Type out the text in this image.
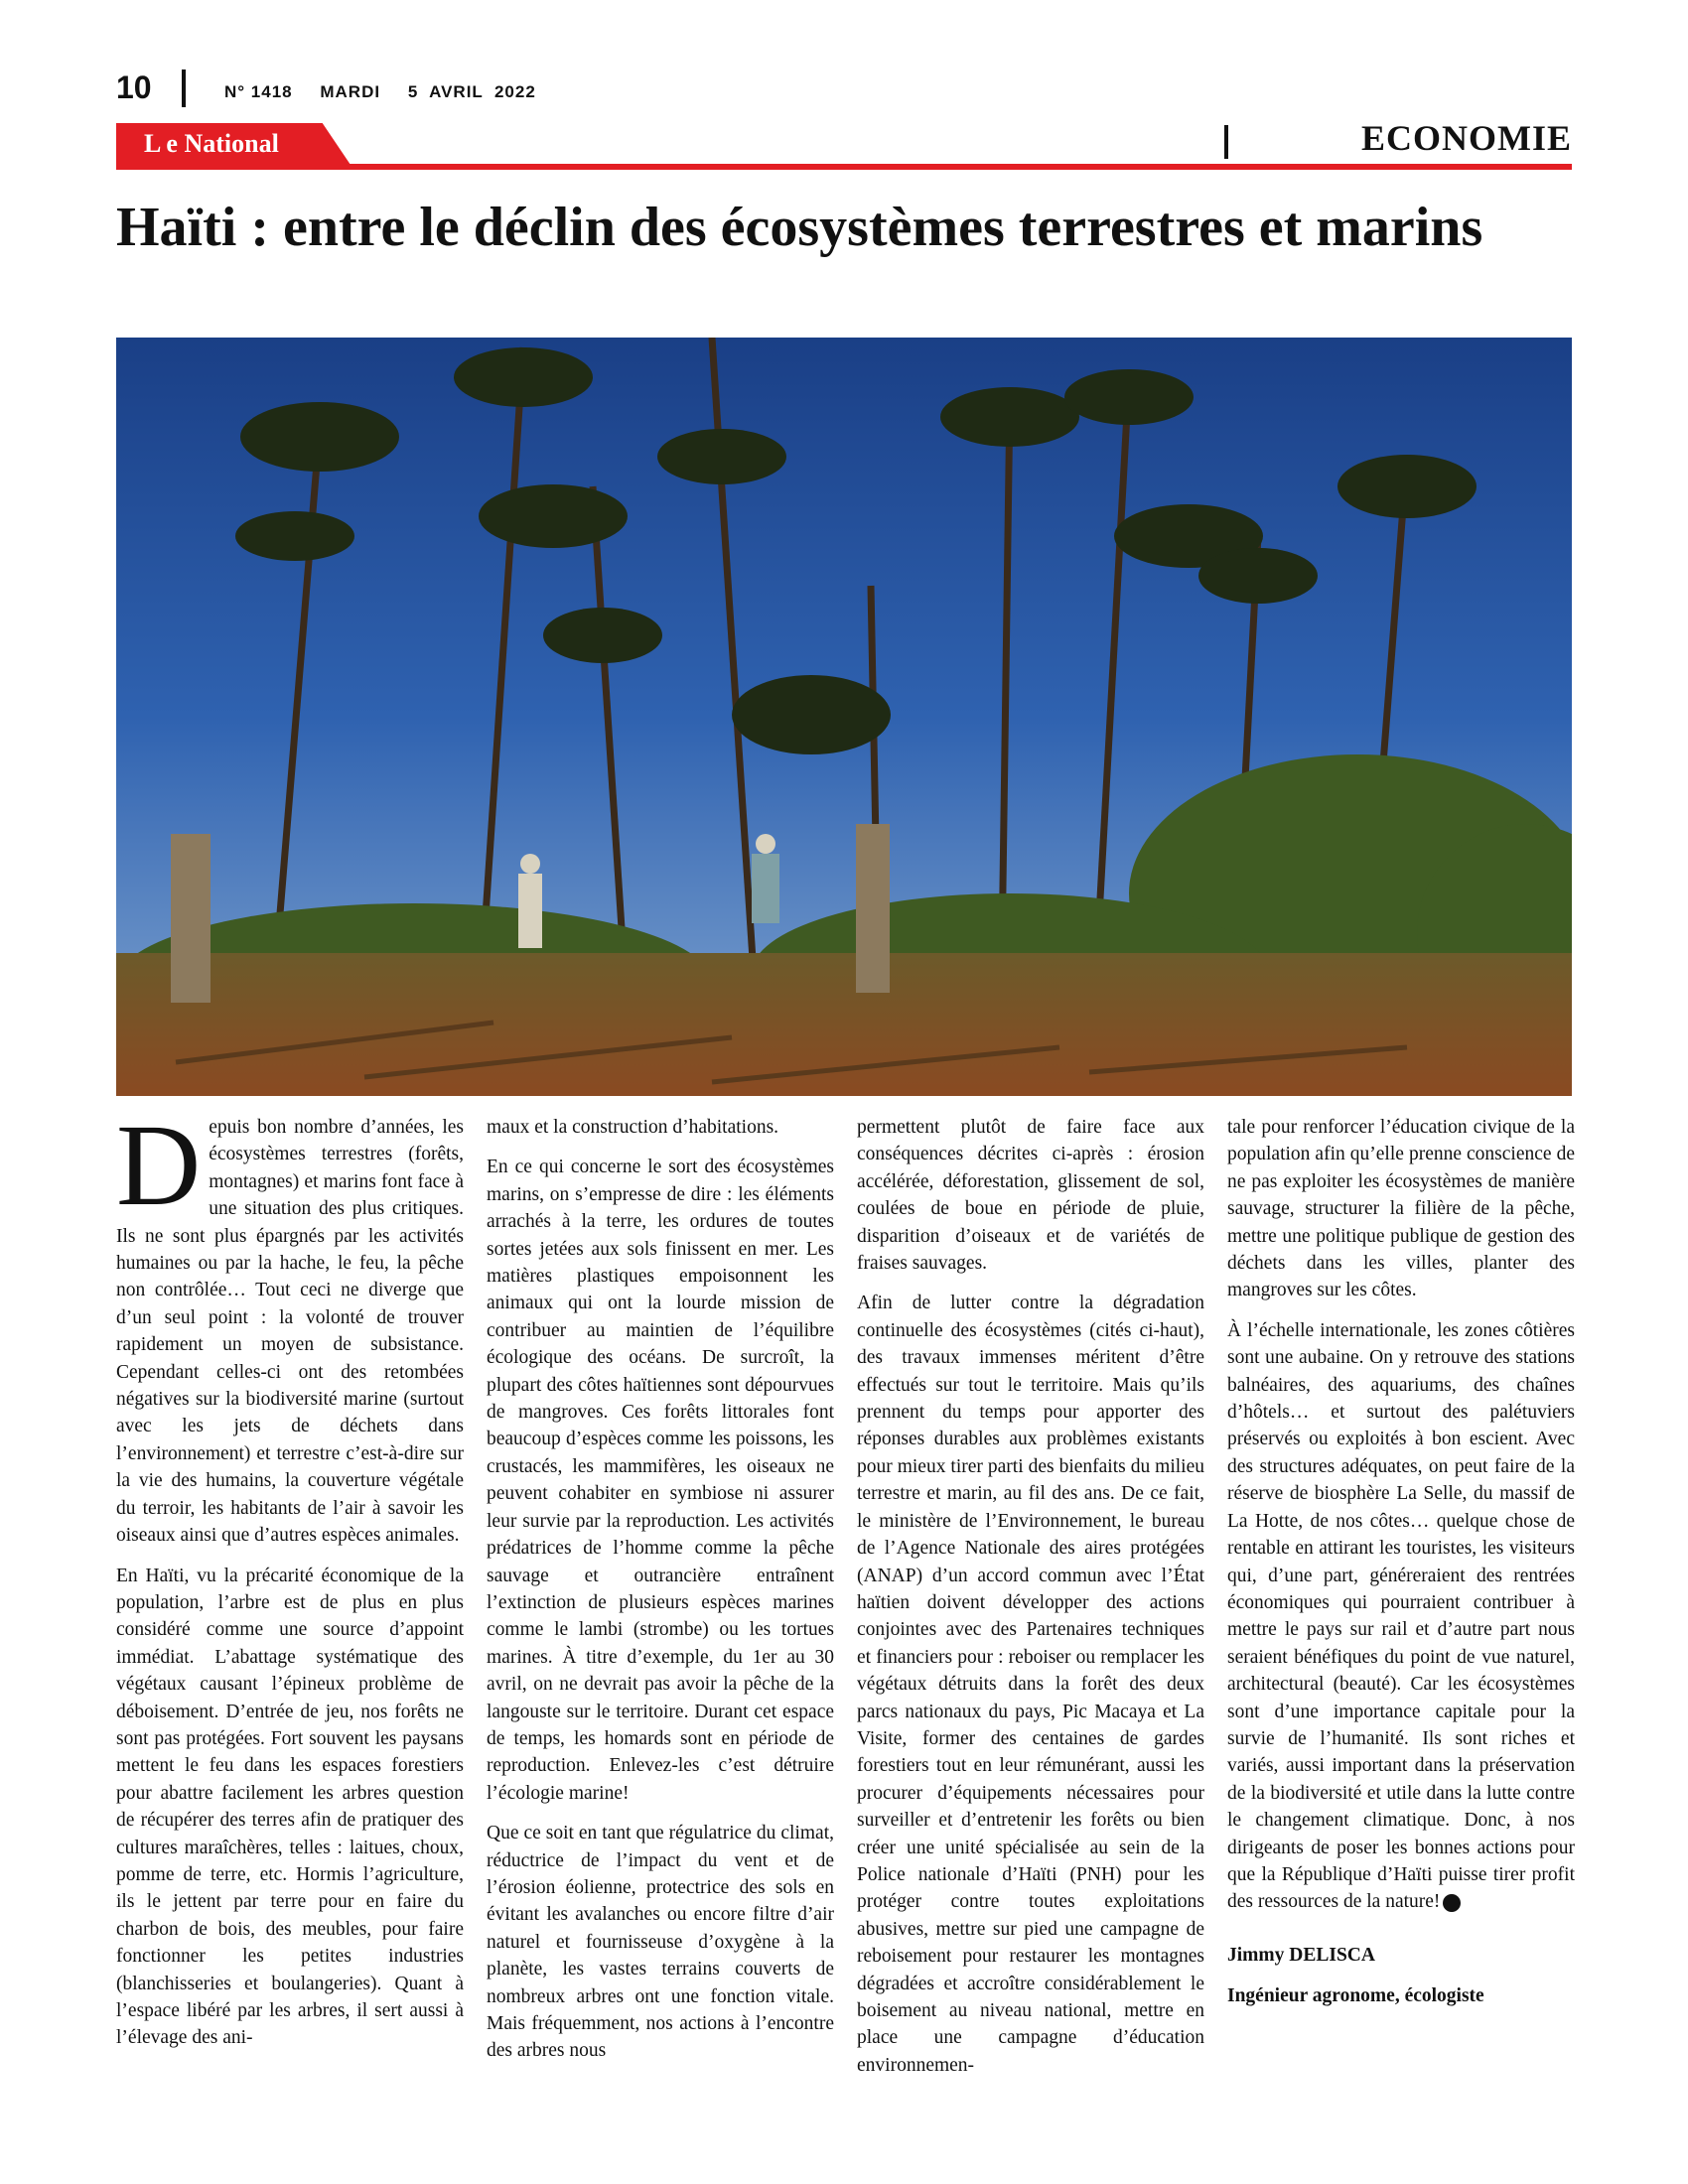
10	N° 1418 MARDI 5  AVRIL  2022
L e National	ECONOMIE
Haïti : entre le déclin des écosystèmes terrestres et marins

Depuis bon nombre d’années, les écosystèmes terrestres (forêts, montagnes) et marins font face à une situation des plus critiques. Ils ne sont plus épargnés par les activités humaines ou par la hache, le feu, la pêche non contrôlée… Tout ceci ne diverge que d’un seul point : la volonté de trouver rapidement un moyen de subsistance. Cependant celles-ci ont des retombées négatives sur la biodiversité marine (surtout avec les jets de déchets dans l’environnement) et terrestre c’est-à-dire sur la vie des humains, la couverture végétale du terroir, les habitants de l’air à savoir les oiseaux ainsi que d’autres espèces animales.

En Haïti, vu la précarité économique de la population, l’arbre est de plus en plus considéré comme une source d’appoint immédiat. L’abattage systématique des végétaux causant l’épineux problème de déboisement. D’entrée de jeu, nos forêts ne sont pas protégées. Fort souvent les paysans mettent le feu dans les espaces forestiers pour abattre facilement les arbres question de récupérer des terres afin de pratiquer des cultures maraîchères, telles : laitues, choux, pomme de terre, etc. Hormis l’agriculture, ils le jettent par terre pour en faire du charbon de bois, des meubles, pour faire fonctionner les petites industries (blanchisseries et boulangeries). Quant à l’espace libéré par les arbres, il sert aussi à l’élevage des ani-

maux et la construction d’habitations.

En ce qui concerne le sort des écosystèmes marins, on s’empresse de dire : les éléments arrachés à la terre, les ordures de toutes sortes jetées aux sols finissent en mer. Les matières plastiques empoisonnent les animaux qui ont la lourde mission de contribuer au maintien de l’équilibre écologique des océans. De surcroît, la plupart des côtes haïtiennes sont dépourvues de mangroves. Ces forêts littorales font beaucoup d’espèces comme les poissons, les crustacés, les mammifères, les oiseaux ne peuvent cohabiter en symbiose ni assurer leur survie par la reproduction. Les activités prédatrices de l’homme comme la pêche sauvage et outrancière entraînent l’extinction de plusieurs espèces marines comme le lambi (strombe) ou les tortues marines. À titre d’exemple, du 1er au 30 avril, on ne devrait pas avoir la pêche de la langouste sur le territoire. Durant cet espace de temps, les homards sont en période de reproduction. Enlevez-les c’est détruire l’écologie marine!

Que ce soit en tant que régulatrice du climat, réductrice de l’impact du vent et de l’érosion éolienne, protectrice des sols en évitant les avalanches ou encore filtre d’air naturel et fournisseuse d’oxygène à la planète, les vastes terrains couverts de nombreux arbres ont une fonction vitale. Mais fréquemment, nos actions à l’encontre des arbres nous

permettent plutôt de faire face aux conséquences décrites ci-après : érosion accélérée, déforestation, glissement de sol, coulées de boue en période de pluie, disparition d’oiseaux et de variétés de fraises sauvages.

Afin de lutter contre la dégradation continuelle des écosystèmes (cités ci-haut), des travaux immenses méritent d’être effectués sur tout le territoire. Mais qu’ils prennent du temps pour apporter des réponses durables aux problèmes existants pour mieux tirer parti des bienfaits du milieu terrestre et marin, au fil des ans. De ce fait, le ministère de l’Environnement, le bureau de l’Agence Nationale des aires protégées (ANAP) d’un accord commun avec l’État haïtien doivent développer des actions conjointes avec des Partenaires techniques et financiers pour : reboiser ou remplacer les végétaux détruits dans la forêt des deux parcs nationaux du pays, Pic Macaya et La Visite, former des centaines de gardes forestiers tout en leur rémunérant, aussi les procurer d’équipements nécessaires pour surveiller et d’entretenir les forêts ou bien créer une unité spécialisée au sein de la Police nationale d’Haïti (PNH) pour les protéger contre toutes exploitations abusives, mettre sur pied une campagne de reboisement pour restaurer les montagnes dégradées et accroître considérablement le boisement au niveau national, mettre en place une campagne d’éducation environnemen-

tale pour renforcer l’éducation civique de la population afin qu’elle prenne conscience de ne pas exploiter les écosystèmes de manière sauvage, structurer la filière de la pêche, mettre une politique publique de gestion des déchets dans les villes, planter des mangroves sur les côtes.

À l’échelle internationale, les zones côtières sont une aubaine. On y retrouve des stations balnéaires, des aquariums, des chaînes d’hôtels… et surtout des palétuviers préservés ou exploités à bon escient. Avec des structures adéquates, on peut faire de la réserve de biosphère La Selle, du massif de La Hotte, de nos côtes… quelque chose de rentable en attirant les touristes, les visiteurs qui, d’une part, généreraient des rentrées économiques qui pourraient contribuer à mettre le pays sur rail et d’autre part nous seraient bénéfiques du point de vue naturel, architectural (beauté). Car les écosystèmes sont d’une importance capitale pour la survie de l’humanité. Ils sont riches et variés, aussi important dans la préservation de la biodiversité et utile dans la lutte contre le changement climatique. Donc, à nos dirigeants de poser les bonnes actions pour que la République d’Haïti puisse tirer profit des ressources de la nature!

Jimmy DELISCA
Ingénieur agronome, écologiste
